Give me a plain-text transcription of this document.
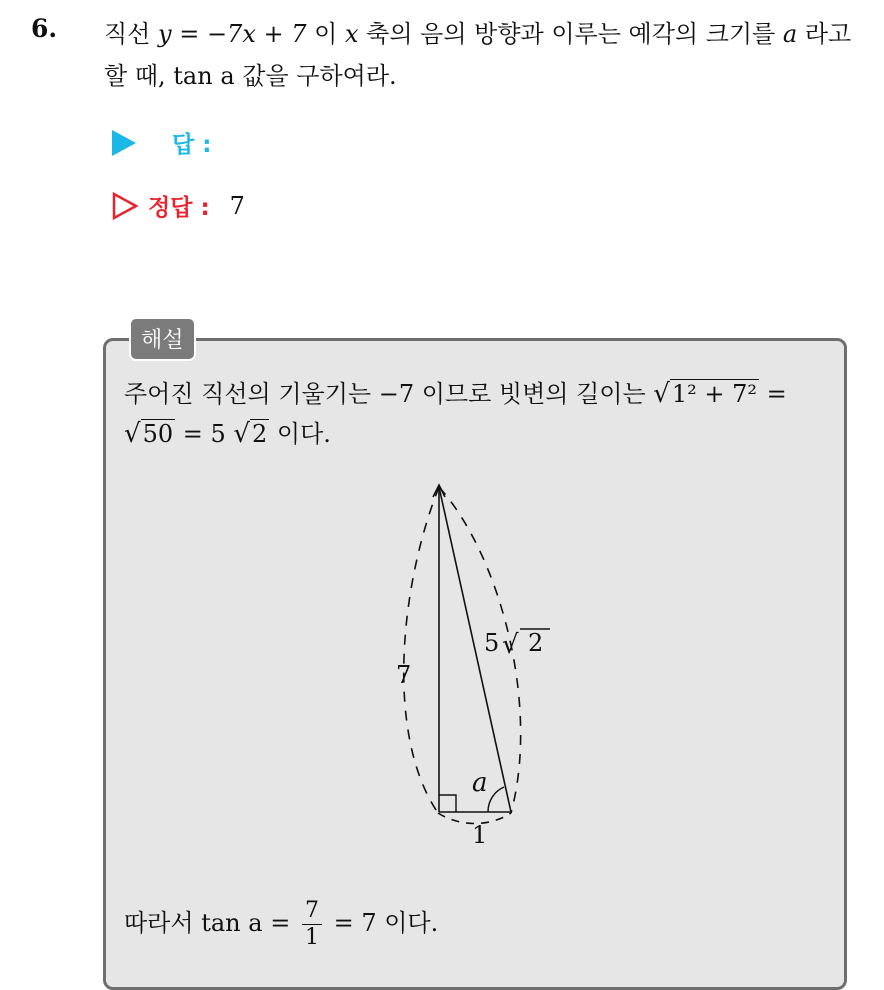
6. 직선 y = −7x + 7 이 x 축의 음의 방향과 이루는 예각의 크기를 a 라고
할 때, tan a 값을 구하여라.
답 :
정답 : 7
해설
주어진 직선의 기울기는 −7 이므로 빗변의 길이는 √1² + 7² =
√50 = 5 √2 이다.
7
5 √ 2
a
1
따라서 $\tan a = \frac{7}{1} = 7$ 이다.
